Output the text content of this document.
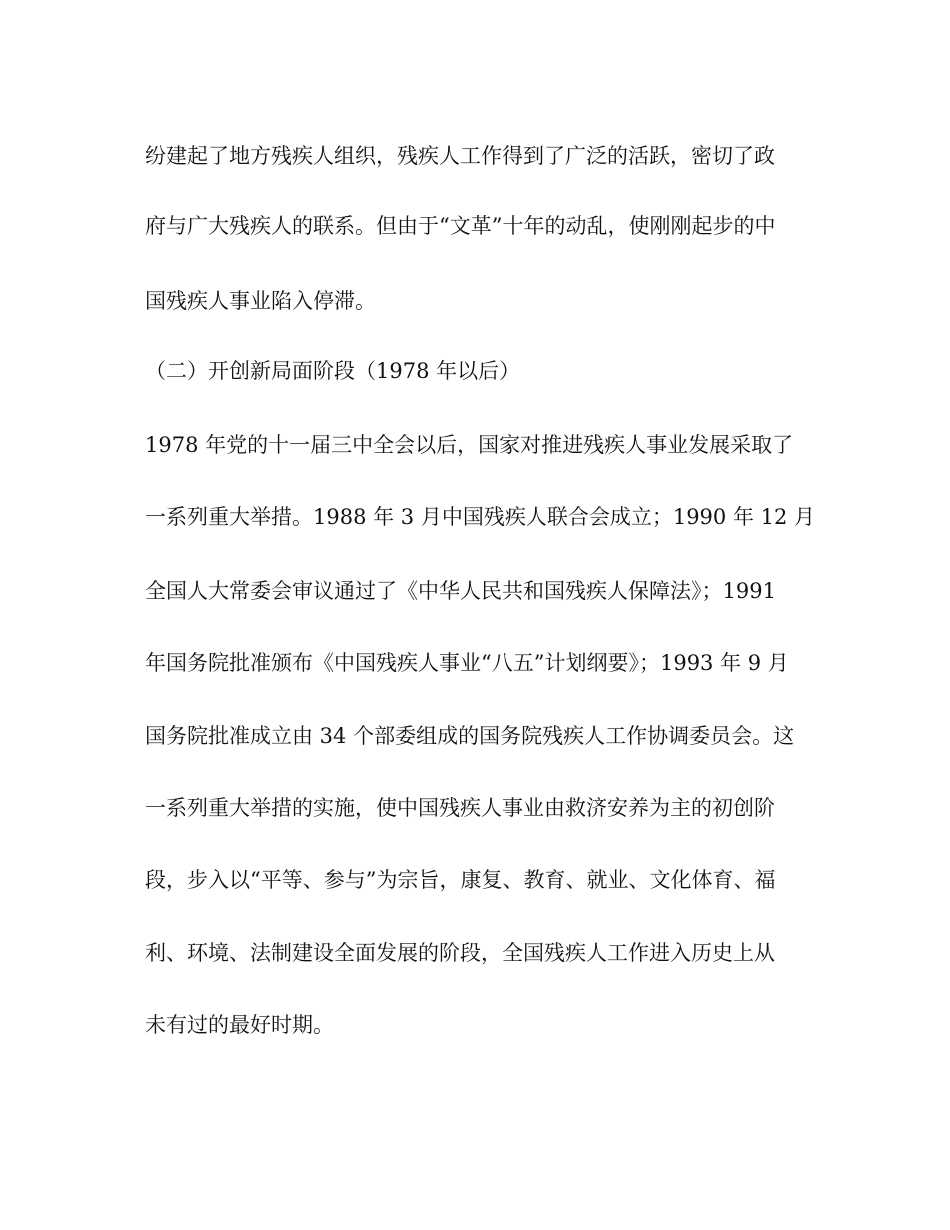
纷建起了地方残疾人组织，残疾人工作得到了广泛的活跃，密切了政
府与广大残疾人的联系。但由于“文革”十年的动乱，使刚刚起步的中
国残疾人事业陷入停滞。
（二）开创新局面阶段（1978 年以后）
1978 年党的十一届三中全会以后，国家对推进残疾人事业发展采取了
一系列重大举措。1988 年 3 月中国残疾人联合会成立；1990 年 12 月
全国人大常委会审议通过了《中华人民共和国残疾人保障法》；1991
年国务院批准颁布《中国残疾人事业“八五”计划纲要》；1993 年 9 月
国务院批准成立由 34 个部委组成的国务院残疾人工作协调委员会。这
一系列重大举措的实施，使中国残疾人事业由救济安养为主的初创阶
段，步入以“平等、参与”为宗旨，康复、教育、就业、文化体育、福
利、环境、法制建设全面发展的阶段，全国残疾人工作进入历史上从
未有过的最好时期。
